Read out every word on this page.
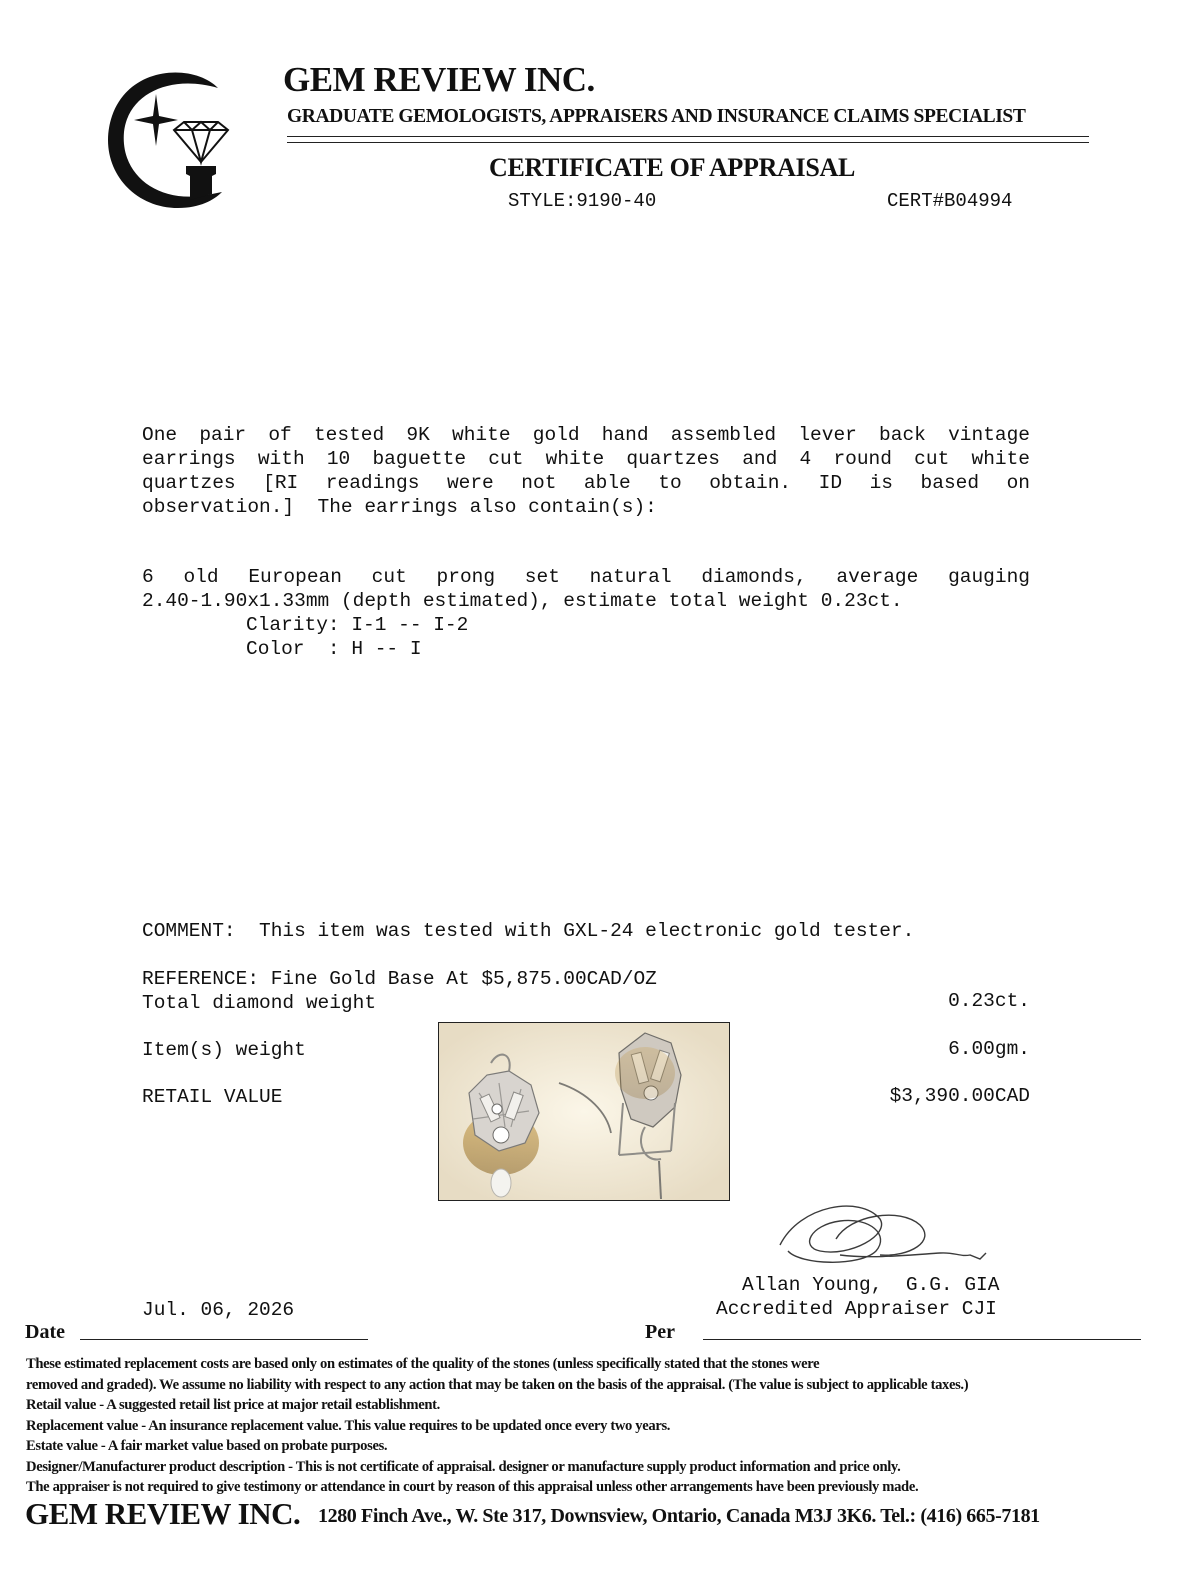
GEM REVIEW INC.
GRADUATE GEMOLOGISTS, APPRAISERS AND INSURANCE CLAIMS SPECIALIST
CERTIFICATE OF APPRAISAL
STYLE:9190-40	CERT#B04994
One pair of tested 9K white gold hand assembled lever back vintage
earrings with 10 baguette cut white quartzes and 4 round cut white
quartzes [RI readings were not able to obtain. ID is based on
observation.]  The earrings also contain(s):
6 old European cut prong set natural diamonds, average gauging
2.40-1.90x1.33mm (depth estimated), estimate total weight 0.23ct.
Clarity: I-1 -- I-2
Color  : H -- I
COMMENT:  This item was tested with GXL-24 electronic gold tester.
REFERENCE: Fine Gold Base At $5,875.00CAD/OZ
Total diamond weight	0.23ct.
Item(s) weight	6.00gm.
RETAIL VALUE	$3,390.00CAD
Allan Young,  G.G. GIA
Accredited Appraiser CJI
Jul. 06, 2026
Date	Per
These estimated replacement costs are based only on estimates of the quality of the stones (unless specifically stated that the stones were
removed and graded). We assume no liability with respect to any action that may be taken on the basis of the appraisal. (The value is subject to applicable taxes.)
Retail value - A suggested retail list price at major retail establishment.
Replacement value - An insurance replacement value. This value requires to be updated once every two years.
Estate value - A fair market value based on probate purposes.
Designer/Manufacturer product description - This is not certificate of appraisal. designer or manufacture supply product information and price only.
The appraiser is not required to give testimony or attendance in court by reason of this appraisal unless other arrangements have been previously made.
GEM REVIEW INC. 1280 Finch Ave., W. Ste 317, Downsview, Ontario, Canada M3J 3K6. Tel.: (416) 665-7181
